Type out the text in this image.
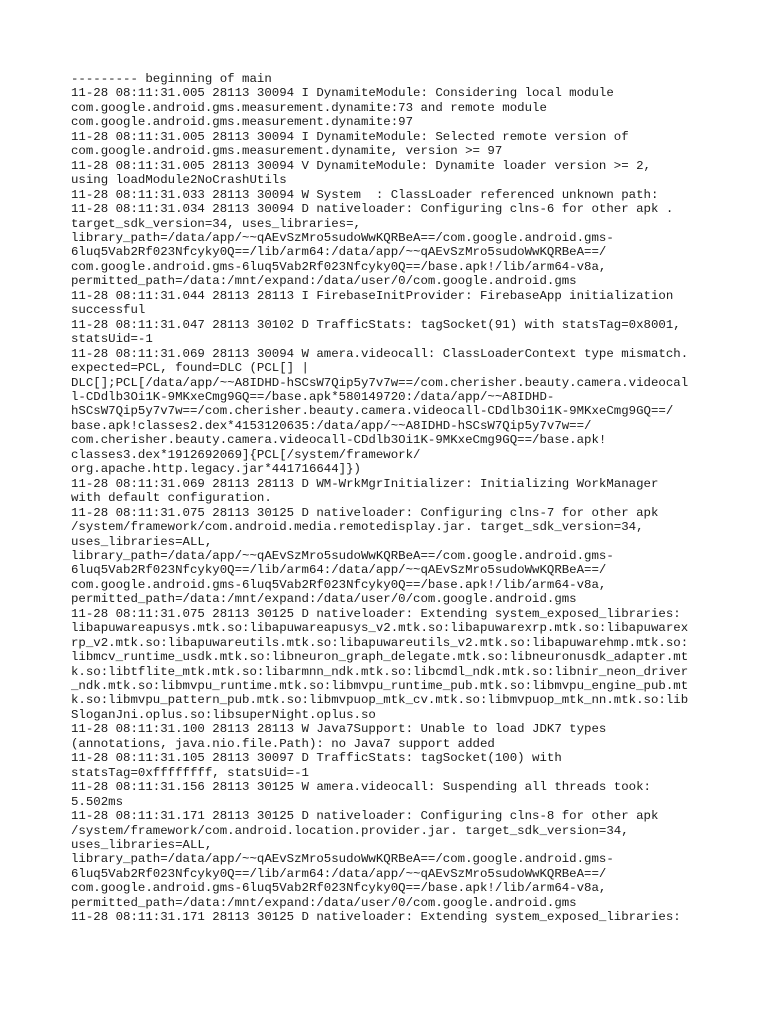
--------- beginning of main
11-28 08:11:31.005 28113 30094 I DynamiteModule: Considering local module
com.google.android.gms.measurement.dynamite:73 and remote module
com.google.android.gms.measurement.dynamite:97
11-28 08:11:31.005 28113 30094 I DynamiteModule: Selected remote version of
com.google.android.gms.measurement.dynamite, version >= 97
11-28 08:11:31.005 28113 30094 V DynamiteModule: Dynamite loader version >= 2,
using loadModule2NoCrashUtils
11-28 08:11:31.033 28113 30094 W System  : ClassLoader referenced unknown path:
11-28 08:11:31.034 28113 30094 D nativeloader: Configuring clns-6 for other apk .
target_sdk_version=34, uses_libraries=,
library_path=/data/app/~~qAEvSzMro5sudoWwKQRBeA==/com.google.android.gms-
6luq5Vab2Rf023Nfcyky0Q==/lib/arm64:/data/app/~~qAEvSzMro5sudoWwKQRBeA==/
com.google.android.gms-6luq5Vab2Rf023Nfcyky0Q==/base.apk!/lib/arm64-v8a,
permitted_path=/data:/mnt/expand:/data/user/0/com.google.android.gms
11-28 08:11:31.044 28113 28113 I FirebaseInitProvider: FirebaseApp initialization
successful
11-28 08:11:31.047 28113 30102 D TrafficStats: tagSocket(91) with statsTag=0x8001,
statsUid=-1
11-28 08:11:31.069 28113 30094 W amera.videocall: ClassLoaderContext type mismatch.
expected=PCL, found=DLC (PCL[] |
DLC[];PCL[/data/app/~~A8IDHD-hSCsW7Qip5y7v7w==/com.cherisher.beauty.camera.videocal
l-CDdlb3Oi1K-9MKxeCmg9GQ==/base.apk*580149720:/data/app/~~A8IDHD-
hSCsW7Qip5y7v7w==/com.cherisher.beauty.camera.videocall-CDdlb3Oi1K-9MKxeCmg9GQ==/
base.apk!classes2.dex*4153120635:/data/app/~~A8IDHD-hSCsW7Qip5y7v7w==/
com.cherisher.beauty.camera.videocall-CDdlb3Oi1K-9MKxeCmg9GQ==/base.apk!
classes3.dex*1912692069]{PCL[/system/framework/
org.apache.http.legacy.jar*441716644]})
11-28 08:11:31.069 28113 28113 D WM-WrkMgrInitializer: Initializing WorkManager
with default configuration.
11-28 08:11:31.075 28113 30125 D nativeloader: Configuring clns-7 for other apk
/system/framework/com.android.media.remotedisplay.jar. target_sdk_version=34,
uses_libraries=ALL,
library_path=/data/app/~~qAEvSzMro5sudoWwKQRBeA==/com.google.android.gms-
6luq5Vab2Rf023Nfcyky0Q==/lib/arm64:/data/app/~~qAEvSzMro5sudoWwKQRBeA==/
com.google.android.gms-6luq5Vab2Rf023Nfcyky0Q==/base.apk!/lib/arm64-v8a,
permitted_path=/data:/mnt/expand:/data/user/0/com.google.android.gms
11-28 08:11:31.075 28113 30125 D nativeloader: Extending system_exposed_libraries:
libapuwareapusys.mtk.so:libapuwareapusys_v2.mtk.so:libapuwarexrp.mtk.so:libapuwarex
rp_v2.mtk.so:libapuwareutils.mtk.so:libapuwareutils_v2.mtk.so:libapuwarehmp.mtk.so:
libmcv_runtime_usdk.mtk.so:libneuron_graph_delegate.mtk.so:libneuronusdk_adapter.mt
k.so:libtflite_mtk.mtk.so:libarmnn_ndk.mtk.so:libcmdl_ndk.mtk.so:libnir_neon_driver
_ndk.mtk.so:libmvpu_runtime.mtk.so:libmvpu_runtime_pub.mtk.so:libmvpu_engine_pub.mt
k.so:libmvpu_pattern_pub.mtk.so:libmvpuop_mtk_cv.mtk.so:libmvpuop_mtk_nn.mtk.so:lib
SloganJni.oplus.so:libsuperNight.oplus.so
11-28 08:11:31.100 28113 28113 W Java7Support: Unable to load JDK7 types
(annotations, java.nio.file.Path): no Java7 support added
11-28 08:11:31.105 28113 30097 D TrafficStats: tagSocket(100) with
statsTag=0xffffffff, statsUid=-1
11-28 08:11:31.156 28113 30125 W amera.videocall: Suspending all threads took:
5.502ms
11-28 08:11:31.171 28113 30125 D nativeloader: Configuring clns-8 for other apk
/system/framework/com.android.location.provider.jar. target_sdk_version=34,
uses_libraries=ALL,
library_path=/data/app/~~qAEvSzMro5sudoWwKQRBeA==/com.google.android.gms-
6luq5Vab2Rf023Nfcyky0Q==/lib/arm64:/data/app/~~qAEvSzMro5sudoWwKQRBeA==/
com.google.android.gms-6luq5Vab2Rf023Nfcyky0Q==/base.apk!/lib/arm64-v8a,
permitted_path=/data:/mnt/expand:/data/user/0/com.google.android.gms
11-28 08:11:31.171 28113 30125 D nativeloader: Extending system_exposed_libraries:
